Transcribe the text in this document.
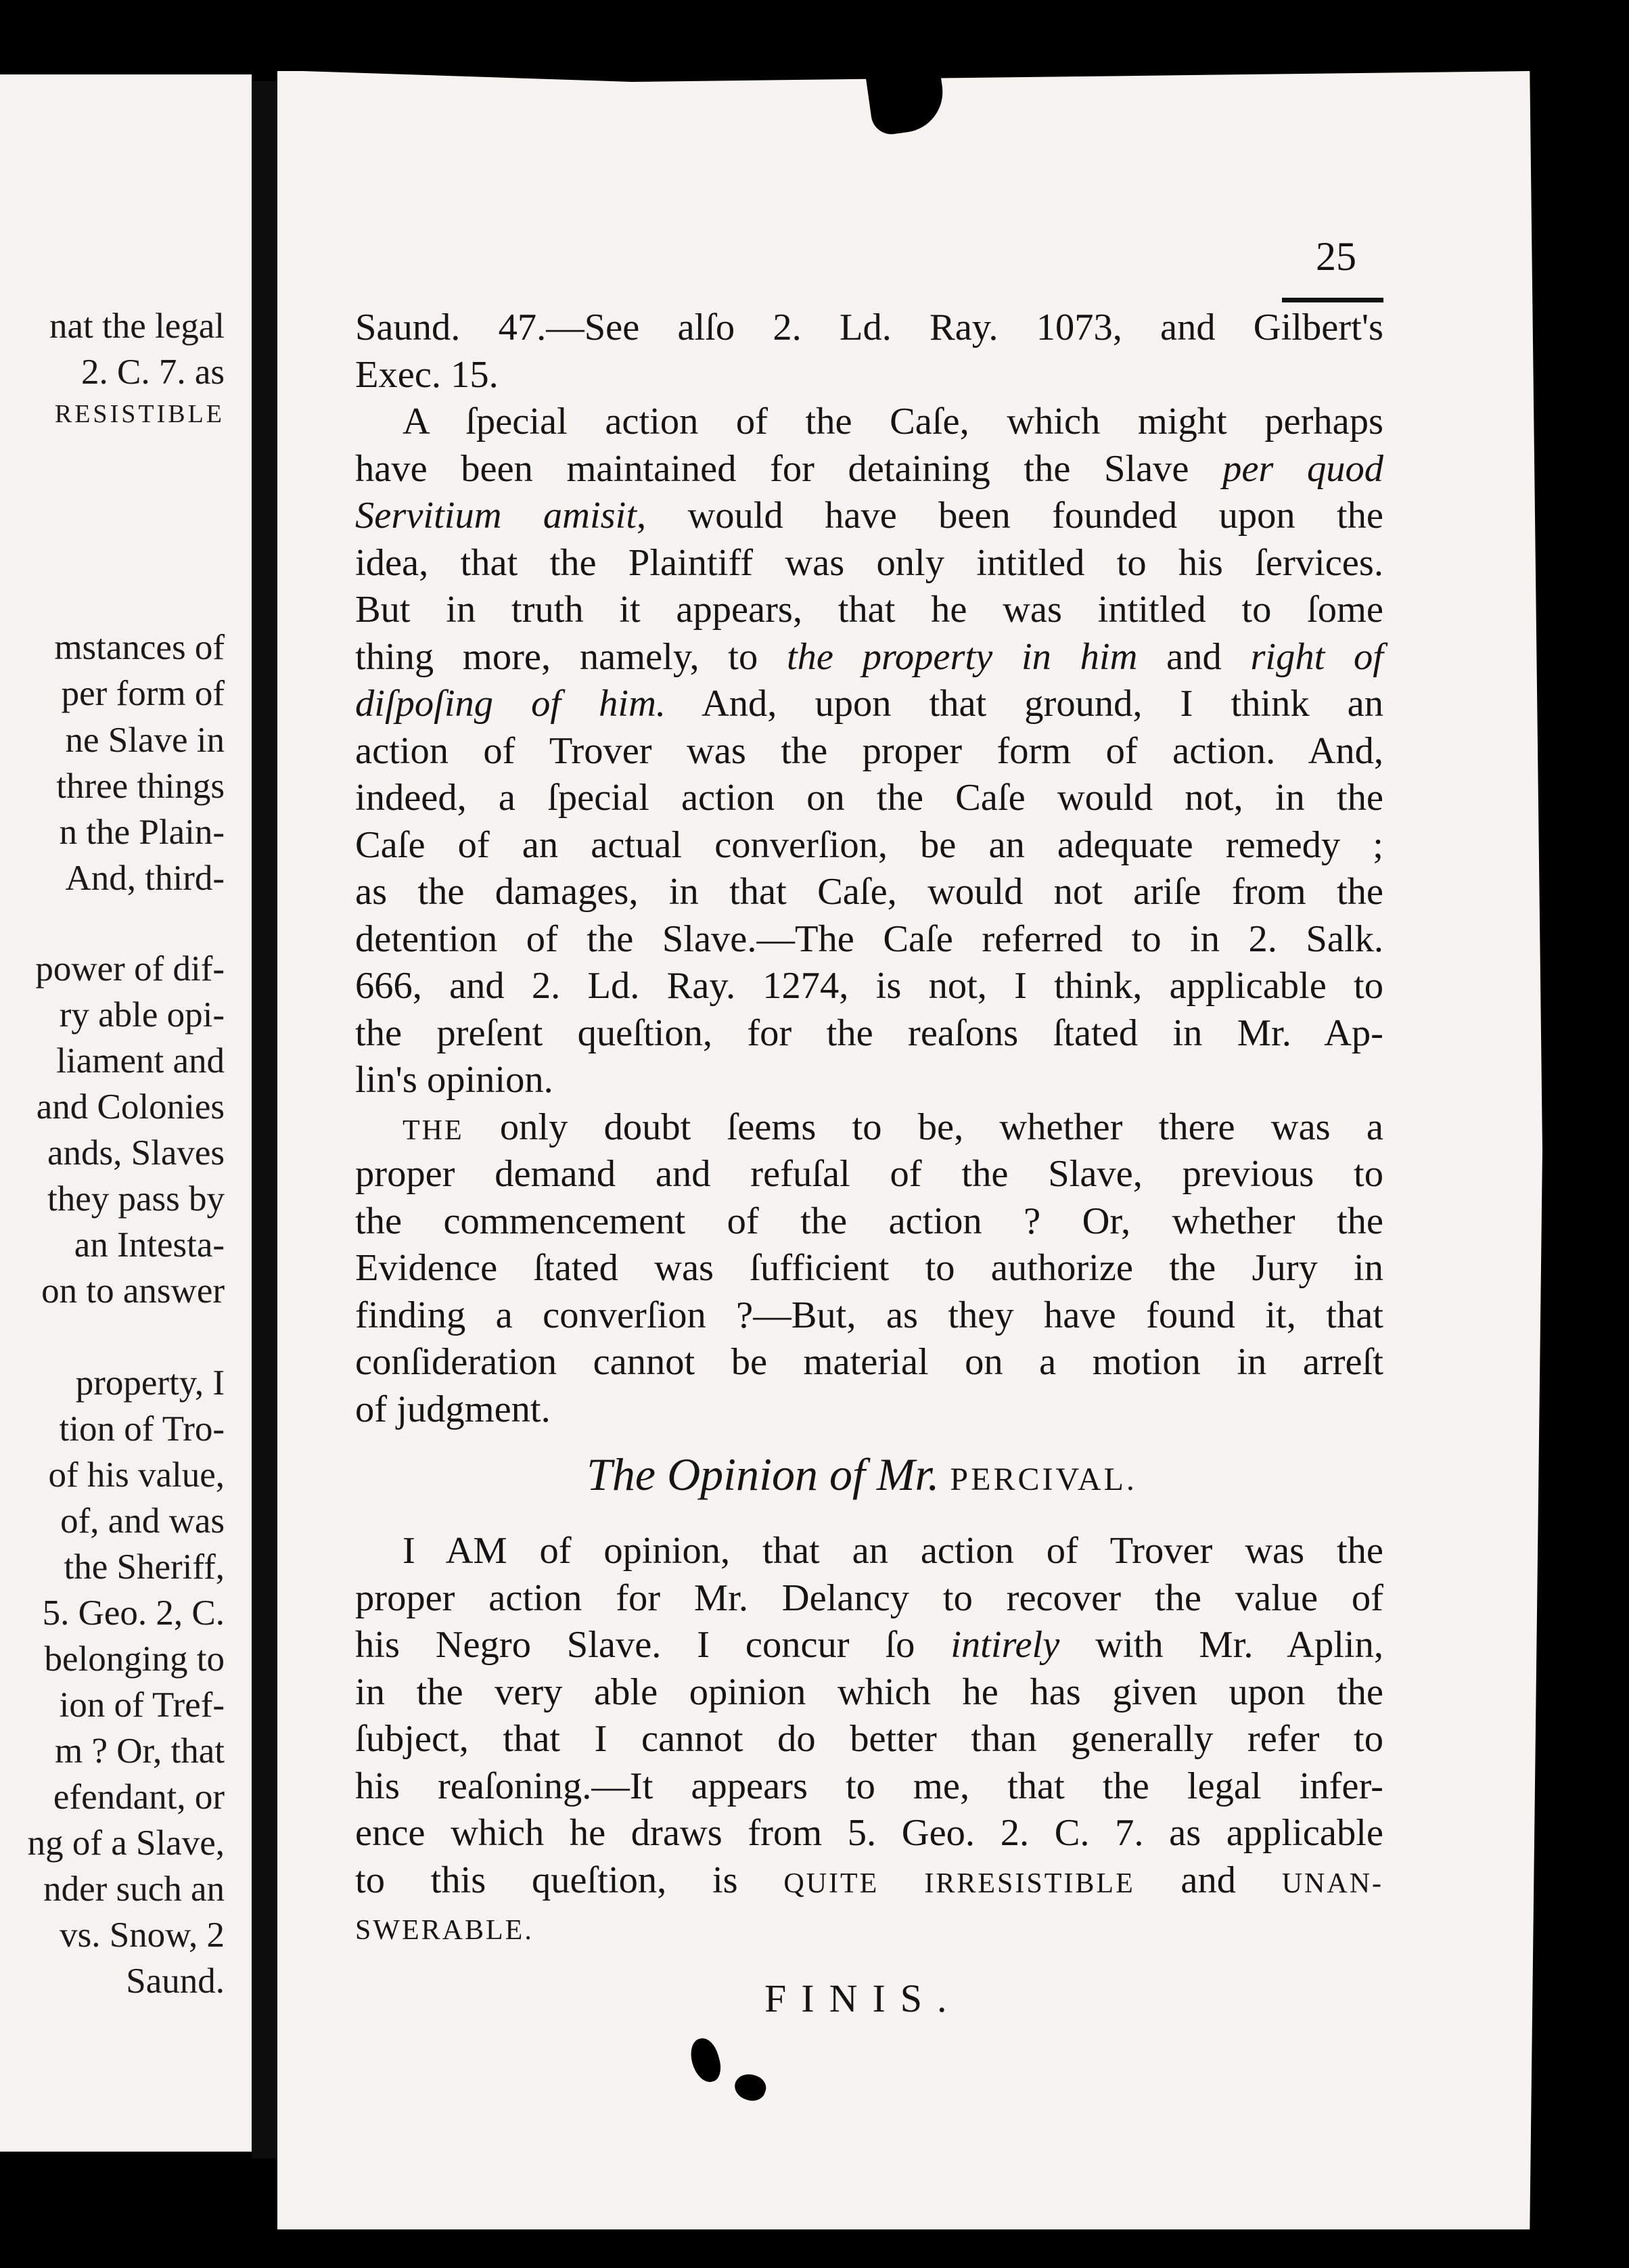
nat the legal
2. C. 7. as
RESISTIBLE
mstances of
per form of
ne Slave in
three things
n the Plain-
And, third-
power of dif-
ry able opi-
liament and
and Colonies
ands, Slaves
they pass by
an Intesta-
on to answer
property, I
tion of Tro-
of his value,
of, and was
the Sheriff,
5. Geo. 2, C.
belonging to
ion of Tref-
m ? Or, that
efendant, or
ng of a Slave,
nder such an
vs. Snow, 2
Saund.
25
Saund. 47.—See alſo 2. Ld. Ray. 1073, and Gilbert's
Exec. 15.
A ſpecial action of the Caſe, which might perhaps
have been maintained for detaining the Slave per quod
Servitium amisit, would have been founded upon the
idea, that the Plaintiff was only intitled to his ſervices.
But in truth it appears, that he was intitled to ſome
thing more, namely, to the property in him and right of
diſpoſing of him. And, upon that ground, I think an
action of Trover was the proper form of action. And,
indeed, a ſpecial action on the Caſe would not, in the
Caſe of an actual converſion, be an adequate remedy ;
as the damages, in that Caſe, would not ariſe from the
detention of the Slave.—The Caſe referred to in 2. Salk.
666, and 2. Ld. Ray. 1274, is not, I think, applicable to
the preſent queſtion, for the reaſons ſtated in Mr. Ap-
lin's opinion.
THE only doubt ſeems to be, whether there was a
proper demand and refuſal of the Slave, previous to
the commencement of the action ? Or, whether the
Evidence ſtated was ſufficient to authorize the Jury in
finding a converſion ?—But, as they have found it, that
conſideration cannot be material on a motion in arreſt
of judgment.
The Opinion of Mr. PERCIVAL.
I AM of opinion, that an action of Trover was the
proper action for Mr. Delancy to recover the value of
his Negro Slave. I concur ſo intirely with Mr. Aplin,
in the very able opinion which he has given upon the
ſubject, that I cannot do better than generally refer to
his reaſoning.—It appears to me, that the legal infer-
ence which he draws from 5. Geo. 2. C. 7. as applicable
to this queſtion, is QUITE IRRESISTIBLE and UNAN-
SWERABLE.
FINIS.
